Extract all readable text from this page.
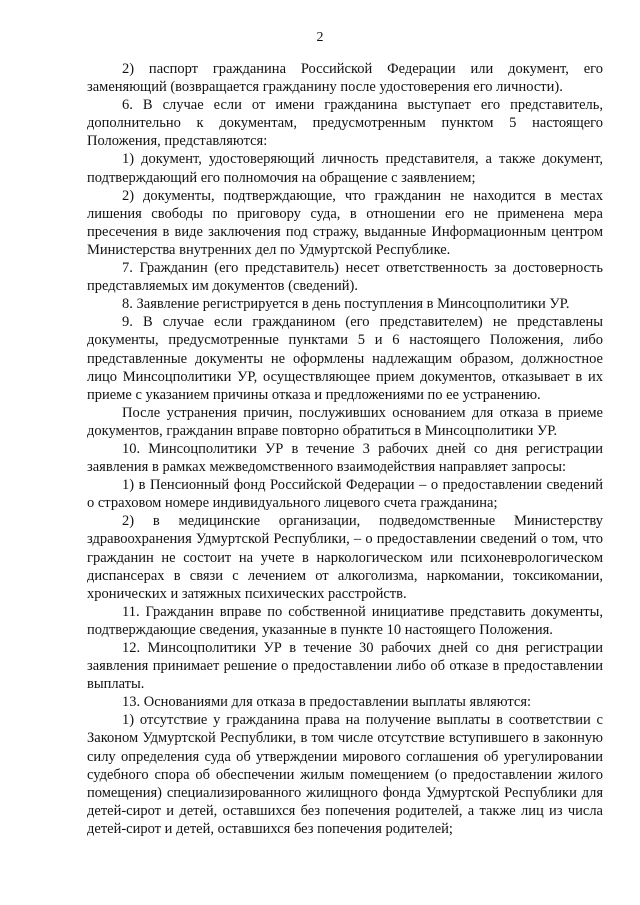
2

2) паспорт гражданина Российской Федерации или документ, его заменяющий (возвращается гражданину после удостоверения его личности).

6. В случае если от имени гражданина выступает его представитель, дополнительно к документам, предусмотренным пунктом 5 настоящего Положения, представляются:

1) документ, удостоверяющий личность представителя, а также документ, подтверждающий его полномочия на обращение с заявлением;

2) документы, подтверждающие, что гражданин не находится в местах лишения свободы по приговору суда, в отношении его не применена мера пресечения в виде заключения под стражу, выданные Информационным центром Министерства внутренних дел по Удмуртской Республике.

7. Гражданин (его представитель) несет ответственность за достоверность представляемых им документов (сведений).

8. Заявление регистрируется в день поступления в Минсоцполитики УР.

9. В случае если гражданином (его представителем) не представлены документы, предусмотренные пунктами 5 и 6 настоящего Положения, либо представленные документы не оформлены надлежащим образом, должностное лицо Минсоцполитики УР, осуществляющее прием документов, отказывает в их приеме с указанием причины отказа и предложениями по ее устранению.

После устранения причин, послуживших основанием для отказа в приеме документов, гражданин вправе повторно обратиться в Минсоцполитики УР.

10. Минсоцполитики УР в течение 3 рабочих дней со дня регистрации заявления в рамках межведомственного взаимодействия направляет запросы:

1) в Пенсионный фонд Российской Федерации – о предоставлении сведений о страховом номере индивидуального лицевого счета гражданина;

2) в медицинские организации, подведомственные Министерству здравоохранения Удмуртской Республики, – о предоставлении сведений о том, что гражданин не состоит на учете в наркологическом или психоневрологическом диспансерах в связи с лечением от алкоголизма, наркомании, токсикомании, хронических и затяжных психических расстройств.

11. Гражданин вправе по собственной инициативе представить документы, подтверждающие сведения, указанные в пункте 10 настоящего Положения.

12. Минсоцполитики УР в течение 30 рабочих дней со дня регистрации заявления принимает решение о предоставлении либо об отказе в предоставлении выплаты.

13. Основаниями для отказа в предоставлении выплаты являются:

1) отсутствие у гражданина права на получение выплаты в соответствии с Законом Удмуртской Республики, в том числе отсутствие вступившего в законную силу определения суда об утверждении мирового соглашения об урегулировании судебного спора об обеспечении жилым помещением (о предоставлении жилого помещения) специализированного жилищного фонда Удмуртской Республики для детей-сирот и детей, оставшихся без попечения родителей, а также лиц из числа детей-сирот и детей, оставшихся без попечения родителей;
